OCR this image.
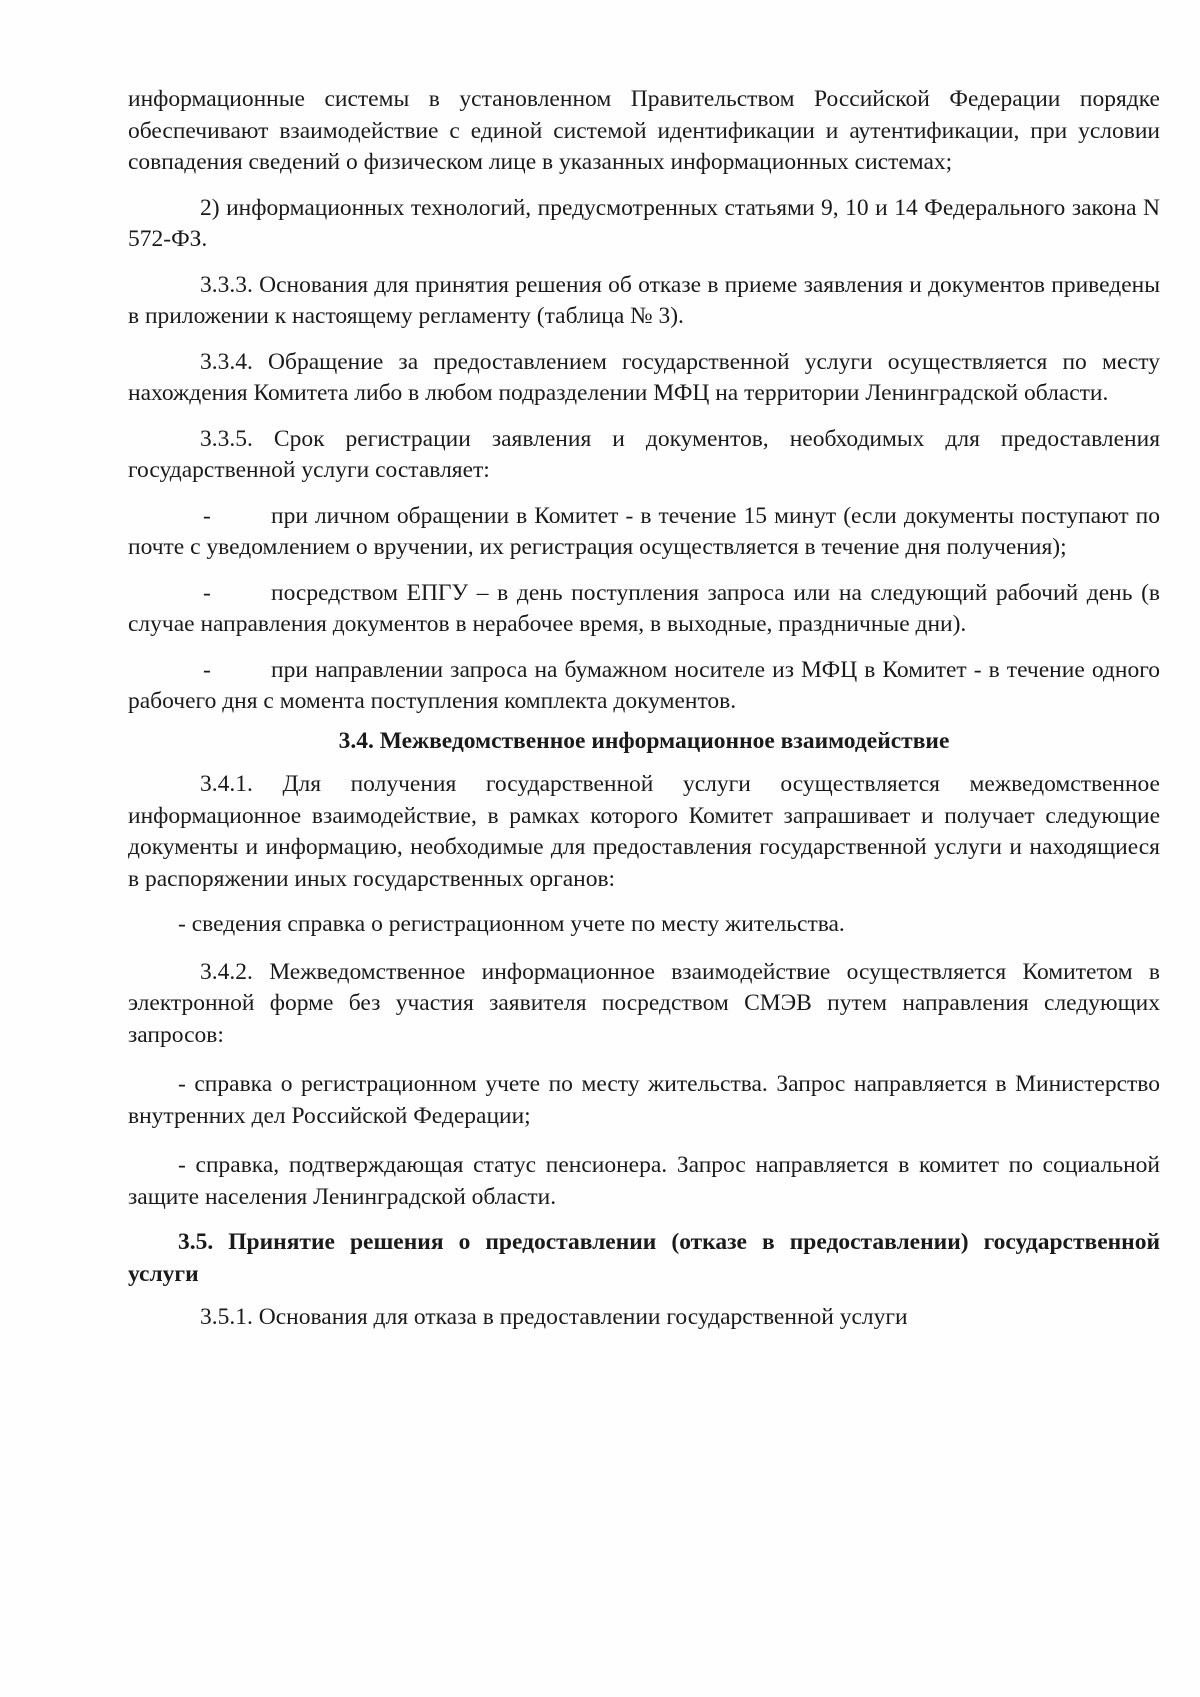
информационные системы в установленном Правительством Российской Федерации порядке обеспечивают взаимодействие с единой системой идентификации и аутентификации, при условии совпадения сведений о физическом лице в указанных информационных системах;

2) информационных технологий, предусмотренных статьями 9, 10 и 14 Федерального закона N 572-ФЗ.

3.3.3. Основания для принятия решения об отказе в приеме заявления и документов приведены в приложении к настоящему регламенту (таблица № 3).

3.3.4. Обращение за предоставлением государственной услуги осуществляется по месту нахождения Комитета либо в любом подразделении МФЦ на территории Ленинградской области.

3.3.5. Срок регистрации заявления и документов, необходимых для предоставления государственной услуги составляет:

-	при личном обращении в Комитет - в течение 15 минут (если документы поступают по почте с уведомлением о вручении, их регистрация осуществляется в течение дня получения);

-	посредством ЕПГУ – в день поступления запроса или на следующий рабочий день (в случае направления документов в нерабочее время, в выходные, праздничные дни).

-	при направлении запроса на бумажном носителе из МФЦ в Комитет - в течение одного рабочего дня с момента поступления комплекта документов.

3.4. Межведомственное информационное взаимодействие

3.4.1. Для получения государственной услуги осуществляется межведомственное информационное взаимодействие, в рамках которого Комитет запрашивает и получает следующие документы и информацию, необходимые для предоставления государственной услуги и находящиеся в распоряжении иных государственных органов:

- сведения справка о регистрационном учете по месту жительства.

3.4.2. Межведомственное информационное взаимодействие осуществляется Комитетом в электронной форме без участия заявителя посредством СМЭВ путем направления следующих запросов:

- справка о регистрационном учете по месту жительства. Запрос направляется в Министерство внутренних дел Российской Федерации;

- справка, подтверждающая статус пенсионера. Запрос направляется в комитет по социальной защите населения Ленинградской области.

3.5. Принятие решения о предоставлении (отказе в предоставлении) государственной услуги

3.5.1. Основания для отказа в предоставлении государственной услуги
